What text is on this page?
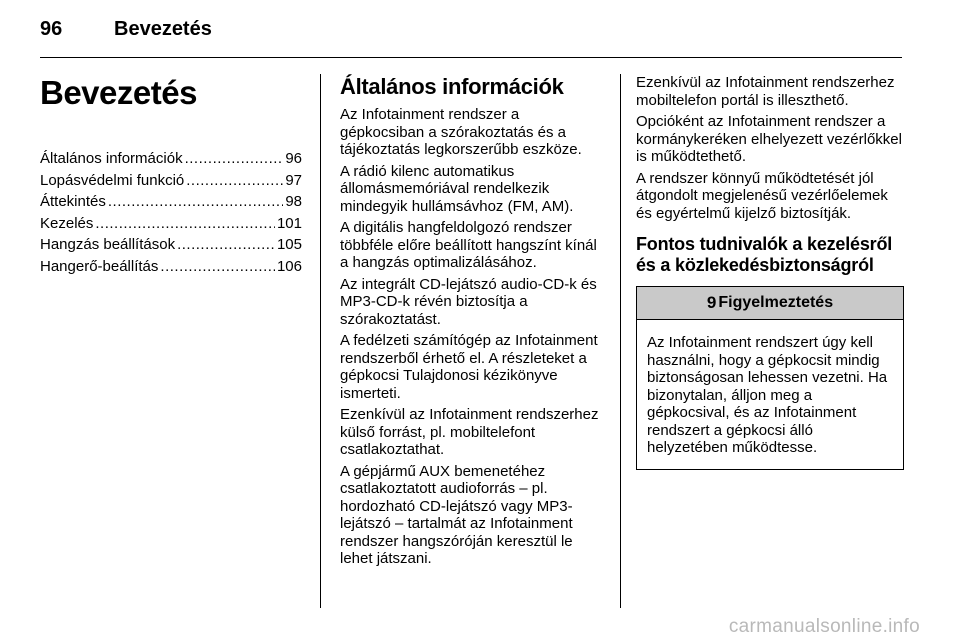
96	Bevezetés
Bevezetés
Általános információk .....	96
Lopásvédelmi funkció .....	97
Áttekintés .....	98
Kezelés .....	101
Hangzás beállítások .....	105
Hangerő-beállítás .....	106
Általános információk

Az Infotainment rendszer a gépkocsiban a szórakoztatás és a tájékoztatás legkorszerűbb eszköze.

A rádió kilenc automatikus állomásmemóriával rendelkezik mindegyik hullámsávhoz (FM, AM).

A digitális hangfeldolgozó rendszer többféle előre beállított hangszínt kínál a hangzás optimalizálásához.

Az integrált CD-lejátszó audio-CD-k és MP3-CD-k révén biztosítja a szórakoztatást.

A fedélzeti számítógép az Infotainment rendszerből érhető el. A részleteket a gépkocsi Tulajdonosi kézikönyve ismerteti.

Ezenkívül az Infotainment rendszerhez külső forrást, pl. mobiltelefont csatlakoztathat.

A gépjármű AUX bemenetéhez csatlakoztatott audioforrás – pl. hordozható CD-lejátszó vagy MP3-lejátszó – tartalmát az Infotainment rendszer hangszóróján keresztül le lehet játszani.

Ezenkívül az Infotainment rendszerhez mobiltelefon portál is illeszthető.

Opcióként az Infotainment rendszer a kormánykeréken elhelyezett vezérlőkkel is működtethető.

A rendszer könnyű működtetését jól átgondolt megjelenésű vezérlőelemek és egyértelmű kijelző biztosítják.

Fontos tudnivalók a kezelésről és a közlekedésbiztonságról
9 Figyelmeztetés
Az Infotainment rendszert úgy kell használni, hogy a gépkocsit mindig biztonságosan lehessen vezetni. Ha bizonytalan, álljon meg a gépkocsival, és az Infotainment rendszert a gépkocsi álló helyzetében működtesse.
carmanualsonline.info
